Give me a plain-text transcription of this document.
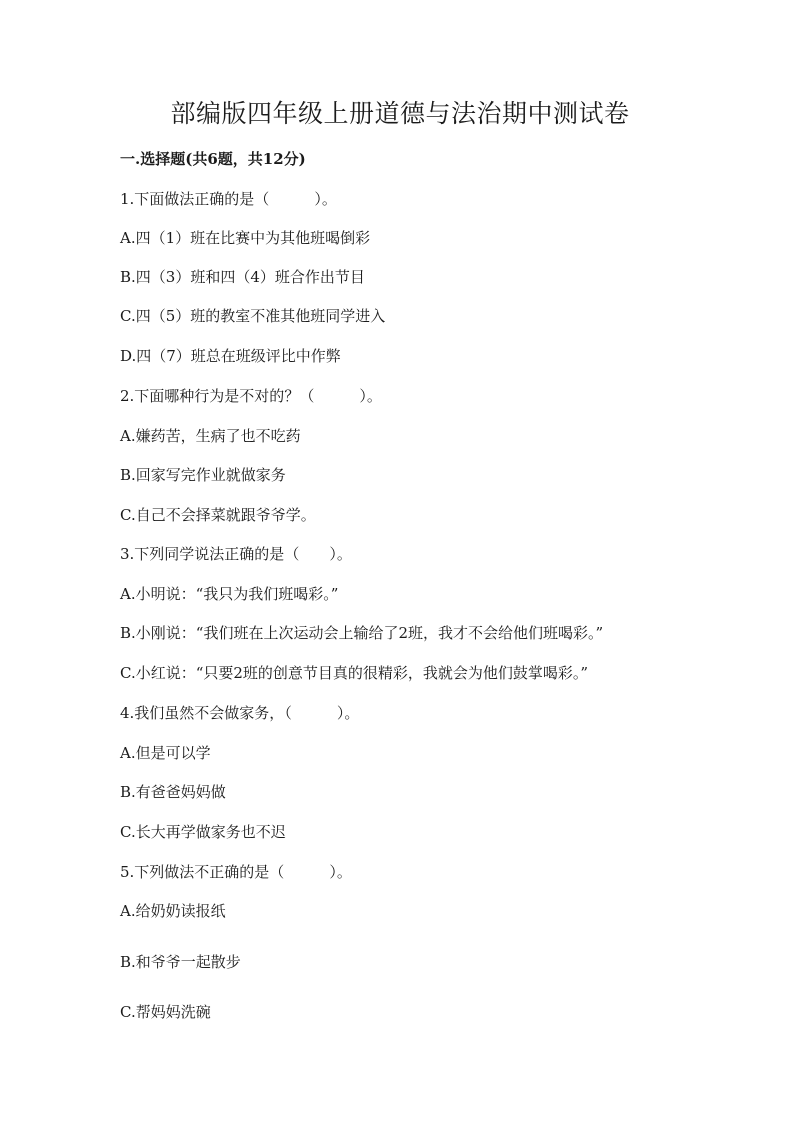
部编版四年级上册道德与法治期中测试卷
一.选择题(共6题，共12分)
1.下面做法正确的是（　　　）。
A.四（1）班在比赛中为其他班喝倒彩
B.四（3）班和四（4）班合作出节目
C.四（5）班的教室不准其他班同学进入
D.四（7）班总在班级评比中作弊
2.下面哪种行为是不对的？（　　　）。
A.嫌药苦，生病了也不吃药
B.回家写完作业就做家务
C.自己不会择菜就跟爷爷学。
3.下列同学说法正确的是（　　）。
A.小明说：“我只为我们班喝彩。”
B.小刚说：“我们班在上次运动会上输给了2班，我才不会给他们班喝彩。”
C.小红说：“只要2班的创意节目真的很精彩，我就会为他们鼓掌喝彩。”
4.我们虽然不会做家务，（　　　）。
A.但是可以学
B.有爸爸妈妈做
C.长大再学做家务也不迟
5.下列做法不正确的是（　　　）。
A.给奶奶读报纸
B.和爷爷一起散步
C.帮妈妈洗碗
